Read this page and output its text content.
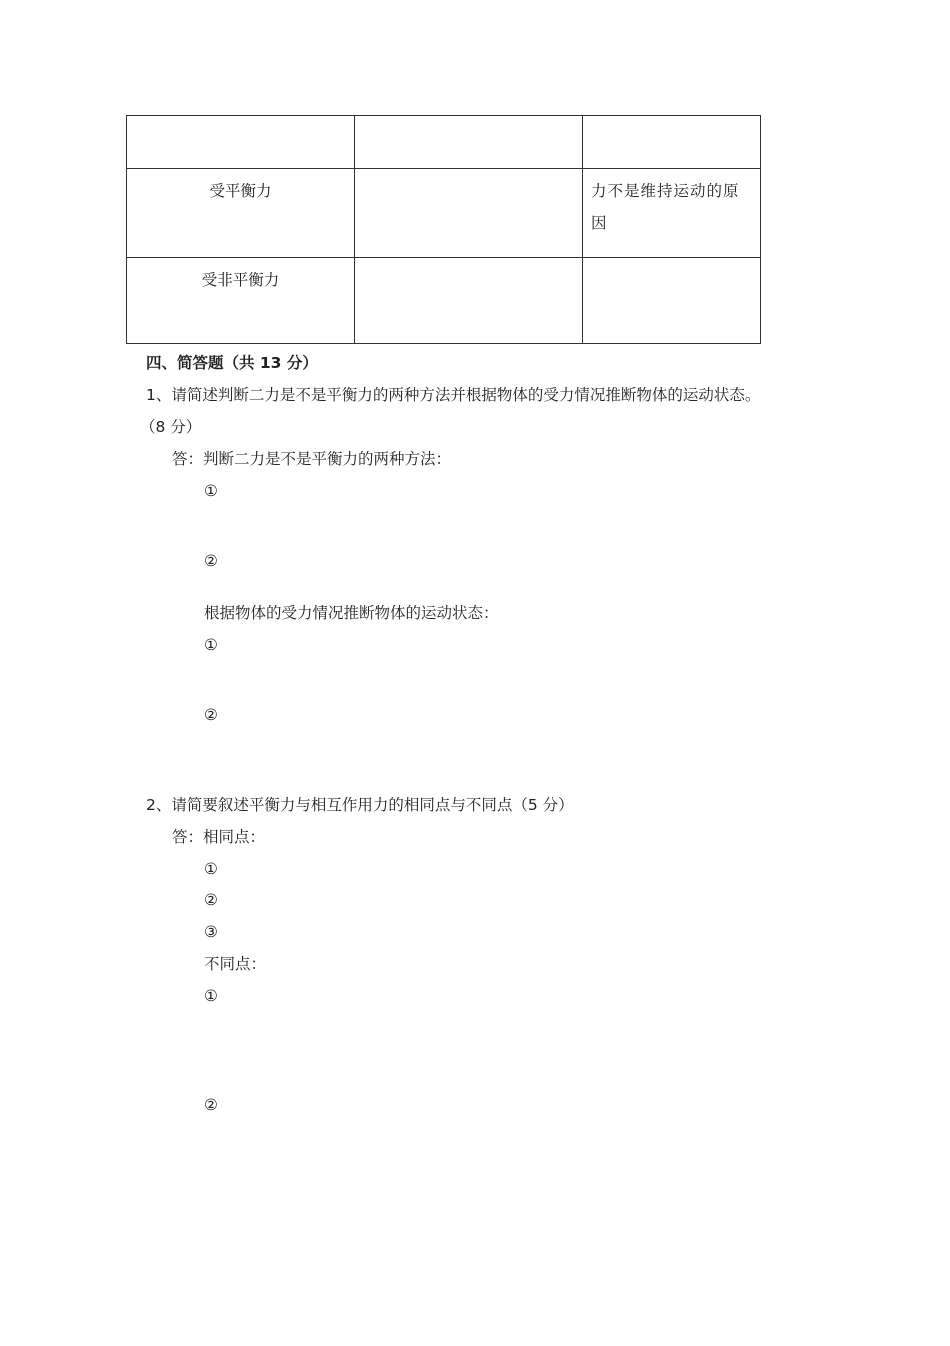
受平衡力		力不是维持运动的原因
受非平衡力		
四、简答题（共 13 分）
1、请简述判断二力是不是平衡力的两种方法并根据物体的受力情况推断物体的运动状态。
（8 分）
答：判断二力是不是平衡力的两种方法：
①
②
根据物体的受力情况推断物体的运动状态：
①
②
2、请简要叙述平衡力与相互作用力的相同点与不同点（5 分）
答：相同点：
①
②
③
不同点：
①
②
